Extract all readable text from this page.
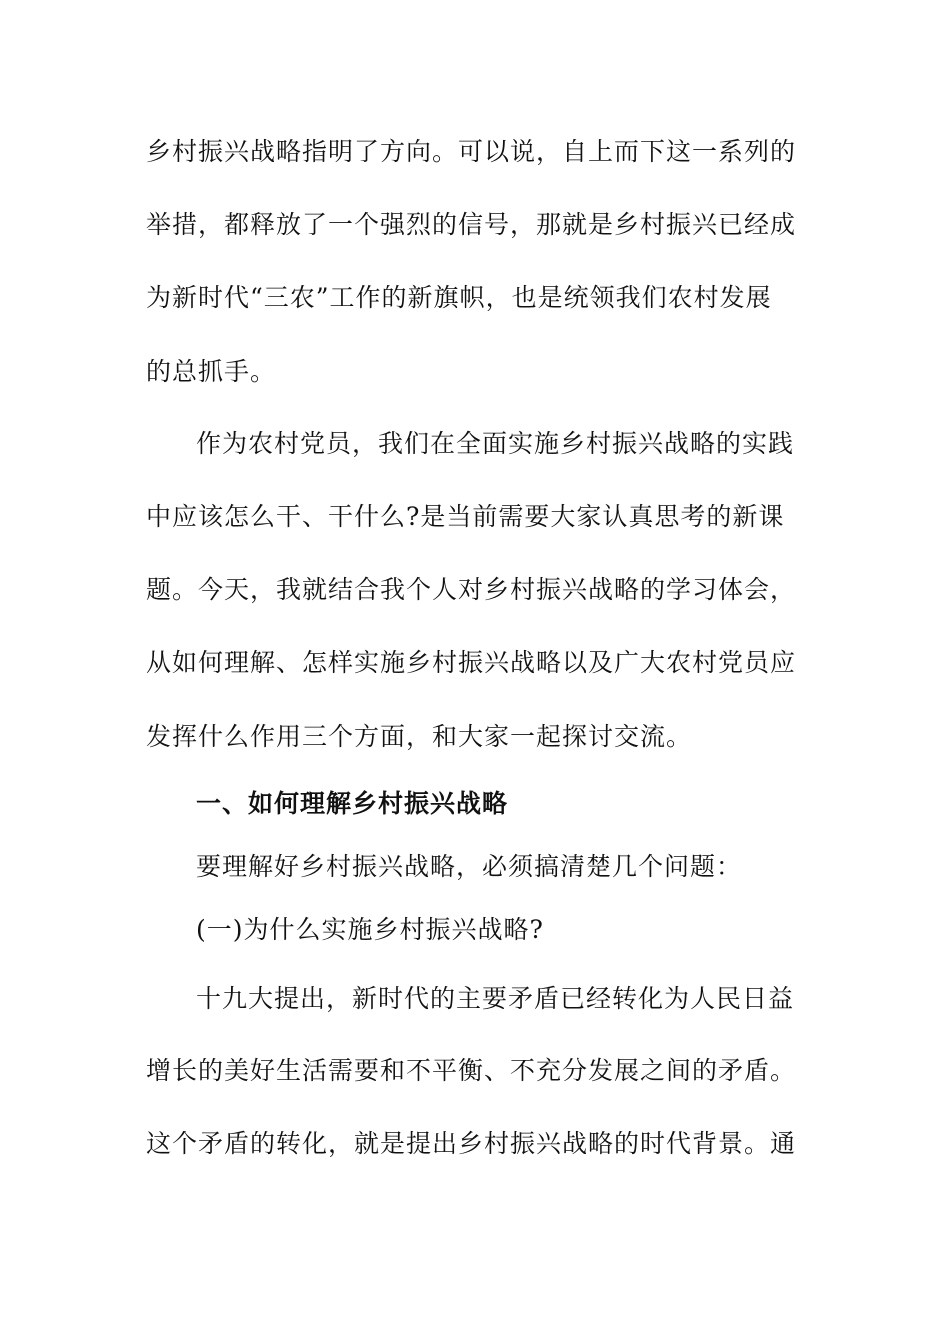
乡村振兴战略指明了方向。可以说，自上而下这一系列的
举措，都释放了一个强烈的信号，那就是乡村振兴已经成
为新时代“三农”工作的新旗帜，也是统领我们农村发展
的总抓手。
作为农村党员，我们在全面实施乡村振兴战略的实践
中应该怎么干、干什么?是当前需要大家认真思考的新课
题。今天，我就结合我个人对乡村振兴战略的学习体会，
从如何理解、怎样实施乡村振兴战略以及广大农村党员应
发挥什么作用三个方面，和大家一起探讨交流。
一、如何理解乡村振兴战略
要理解好乡村振兴战略，必须搞清楚几个问题：
(一)为什么实施乡村振兴战略?
十九大提出，新时代的主要矛盾已经转化为人民日益
增长的美好生活需要和不平衡、不充分发展之间的矛盾。
这个矛盾的转化，就是提出乡村振兴战略的时代背景。通
